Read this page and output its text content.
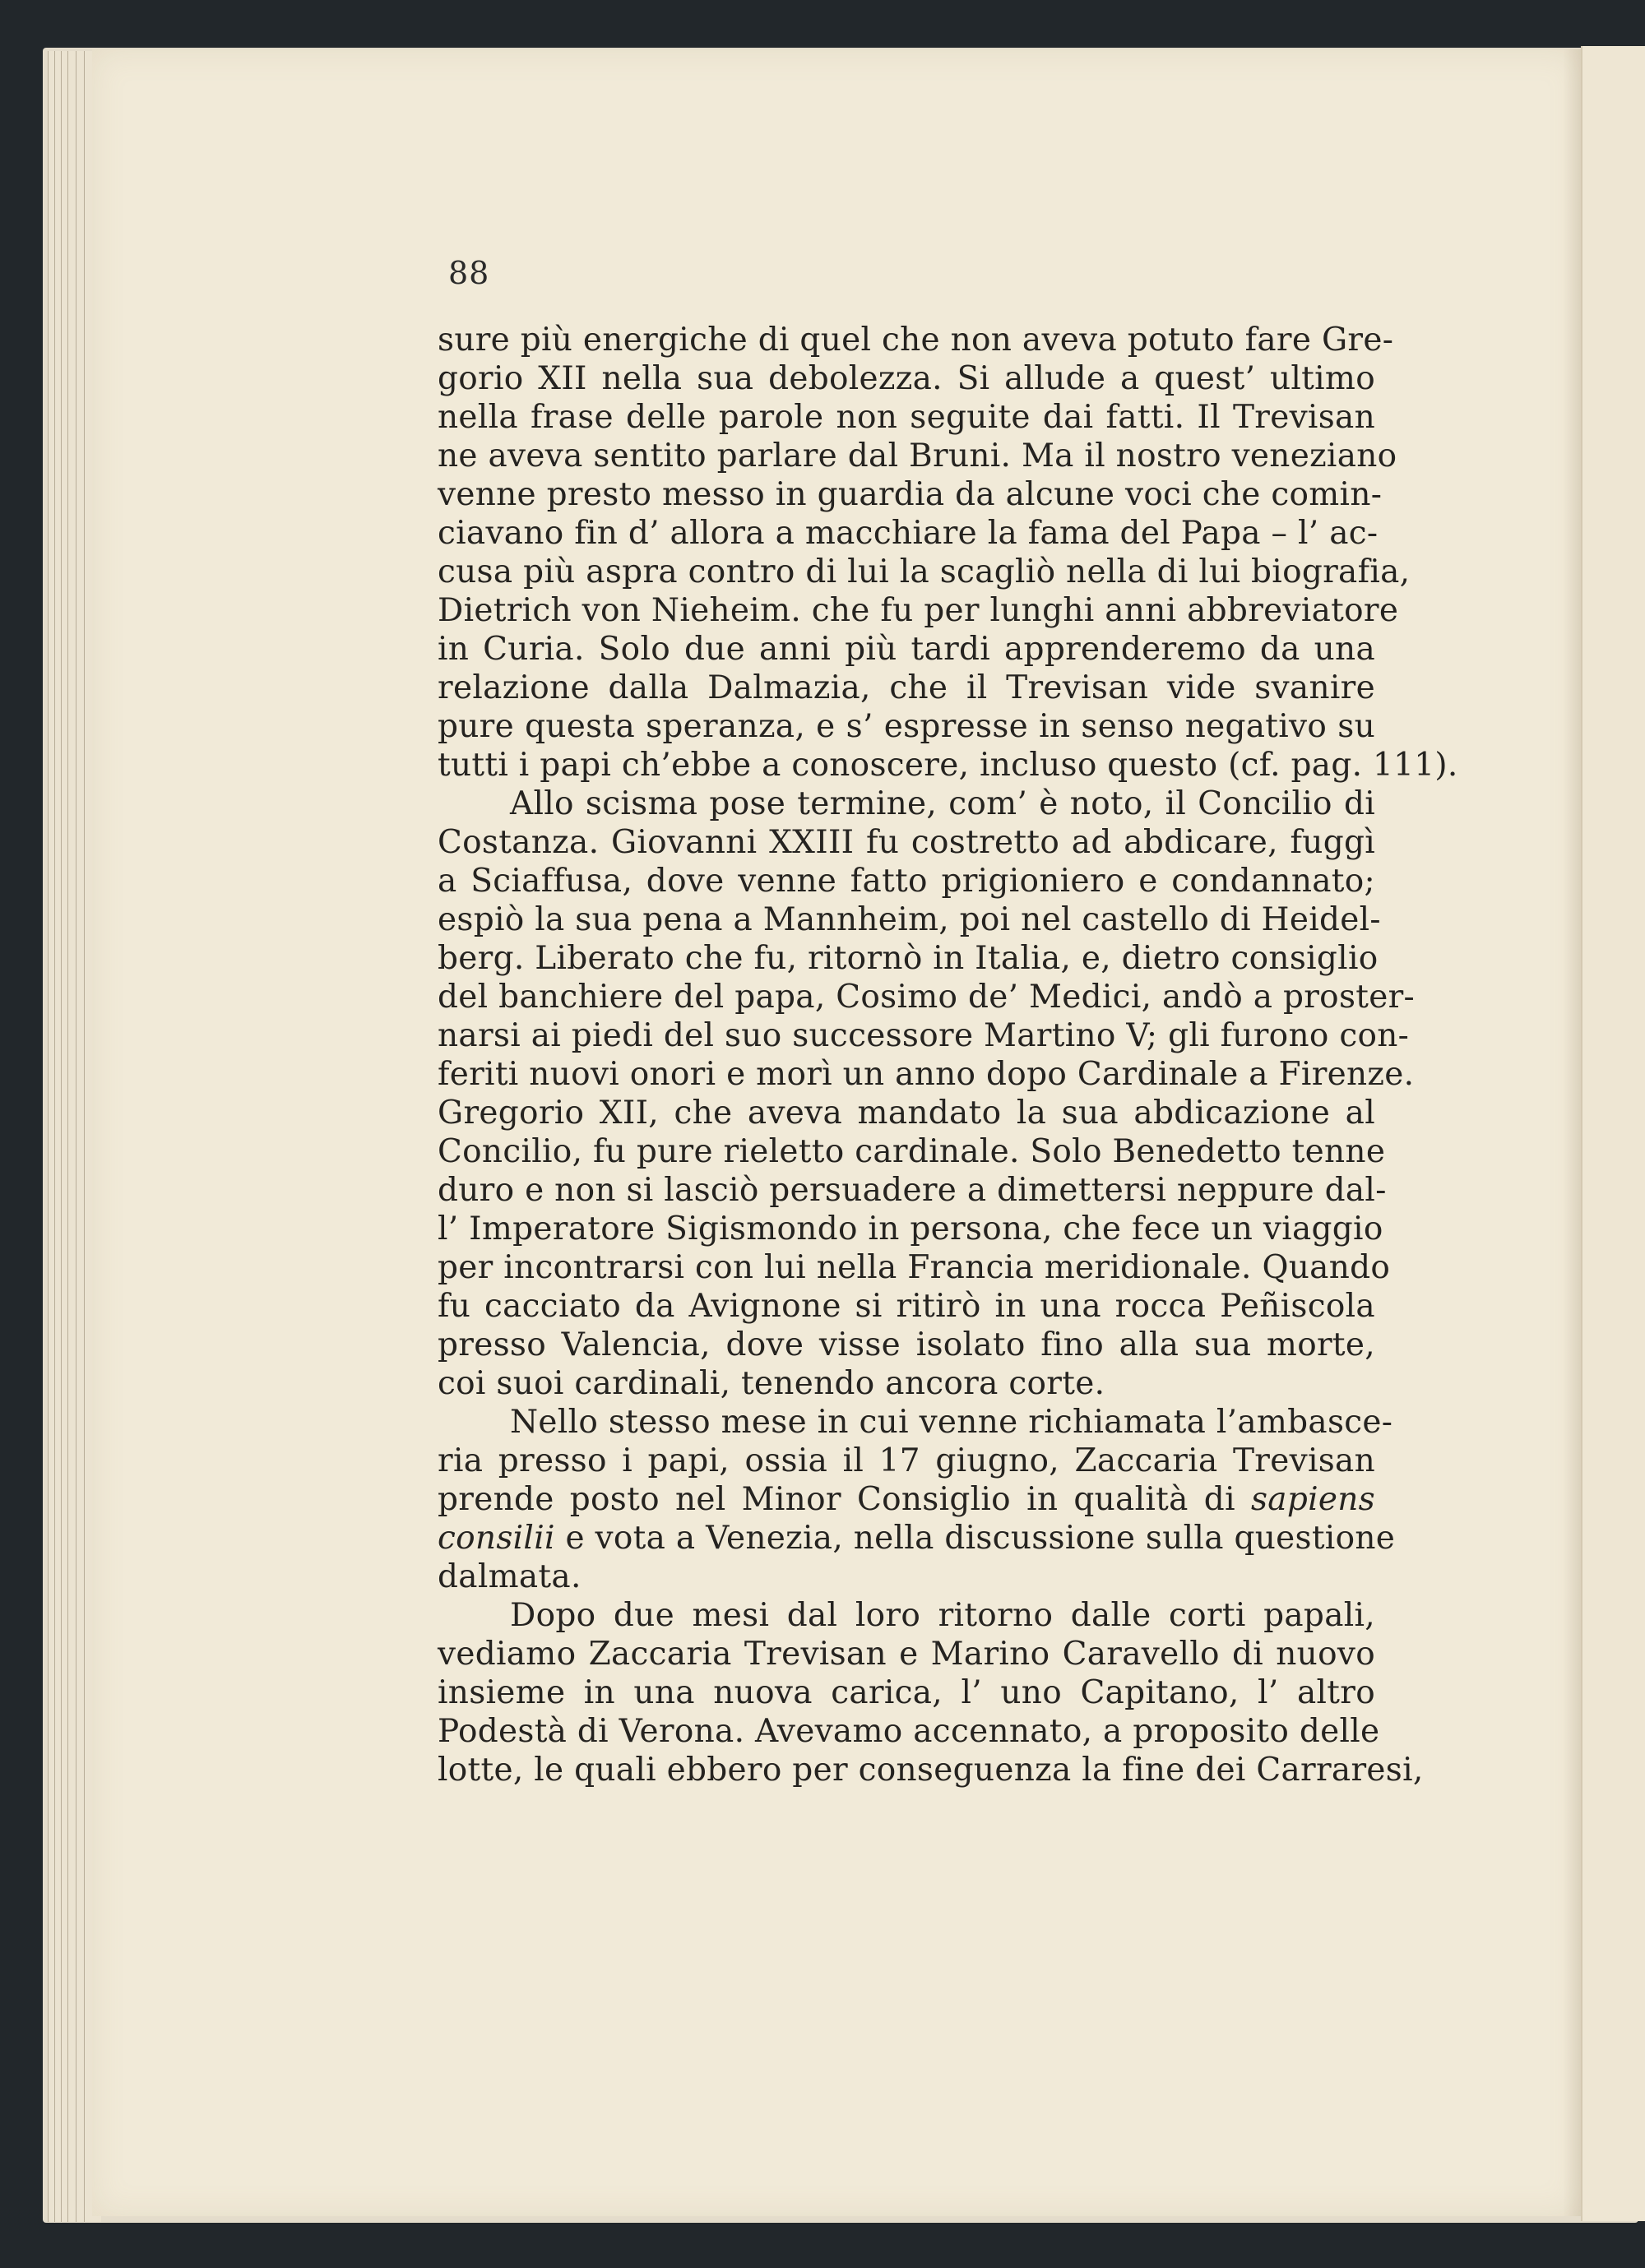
88
sure più energiche di quel che non aveva potuto fare Gre-
gorio XII nella sua debolezza. Si allude a quest’ ultimo
nella frase delle parole non seguite dai fatti. Il Trevisan
ne aveva sentito parlare dal Bruni. Ma il nostro veneziano
venne presto messo in guardia da alcune voci che comin-
ciavano fin d’ allora a macchiare la fama del Papa – l’ ac-
cusa più aspra contro di lui la scagliò nella di lui biografia,
Dietrich von Nieheim. che fu per lunghi anni abbreviatore
in Curia. Solo due anni più tardi apprenderemo da una
relazione dalla Dalmazia, che il Trevisan vide svanire
pure questa speranza, e s’ espresse in senso negativo su
tutti i papi ch’ebbe a conoscere, incluso questo (cf. pag. 111).
Allo scisma pose termine, com’ è noto, il Concilio di
Costanza. Giovanni XXIII fu costretto ad abdicare, fuggì
a Sciaffusa, dove venne fatto prigioniero e condannato;
espiò la sua pena a Mannheim, poi nel castello di Heidel-
berg. Liberato che fu, ritornò in Italia, e, dietro consiglio
del banchiere del papa, Cosimo de’ Medici, andò a proster-
narsi ai piedi del suo successore Martino V; gli furono con-
feriti nuovi onori e morì un anno dopo Cardinale a Firenze.
Gregorio XII, che aveva mandato la sua abdicazione al
Concilio, fu pure rieletto cardinale. Solo Benedetto tenne
duro e non si lasciò persuadere a dimettersi neppure dal-
l’ Imperatore Sigismondo in persona, che fece un viaggio
per incontrarsi con lui nella Francia meridionale. Quando
fu cacciato da Avignone si ritirò in una rocca Peñiscola
presso Valencia, dove visse isolato fino alla sua morte,
coi suoi cardinali, tenendo ancora corte.
Nello stesso mese in cui venne richiamata l’ambasce-
ria presso i papi, ossia il 17 giugno, Zaccaria Trevisan
prende posto nel Minor Consiglio in qualità di sapiens
consilii e vota a Venezia, nella discussione sulla questione
dalmata.
Dopo due mesi dal loro ritorno dalle corti papali,
vediamo Zaccaria Trevisan e Marino Caravello di nuovo
insieme in una nuova carica, l’ uno Capitano, l’ altro
Podestà di Verona. Avevamo accennato, a proposito delle
lotte, le quali ebbero per conseguenza la fine dei Carraresi,
